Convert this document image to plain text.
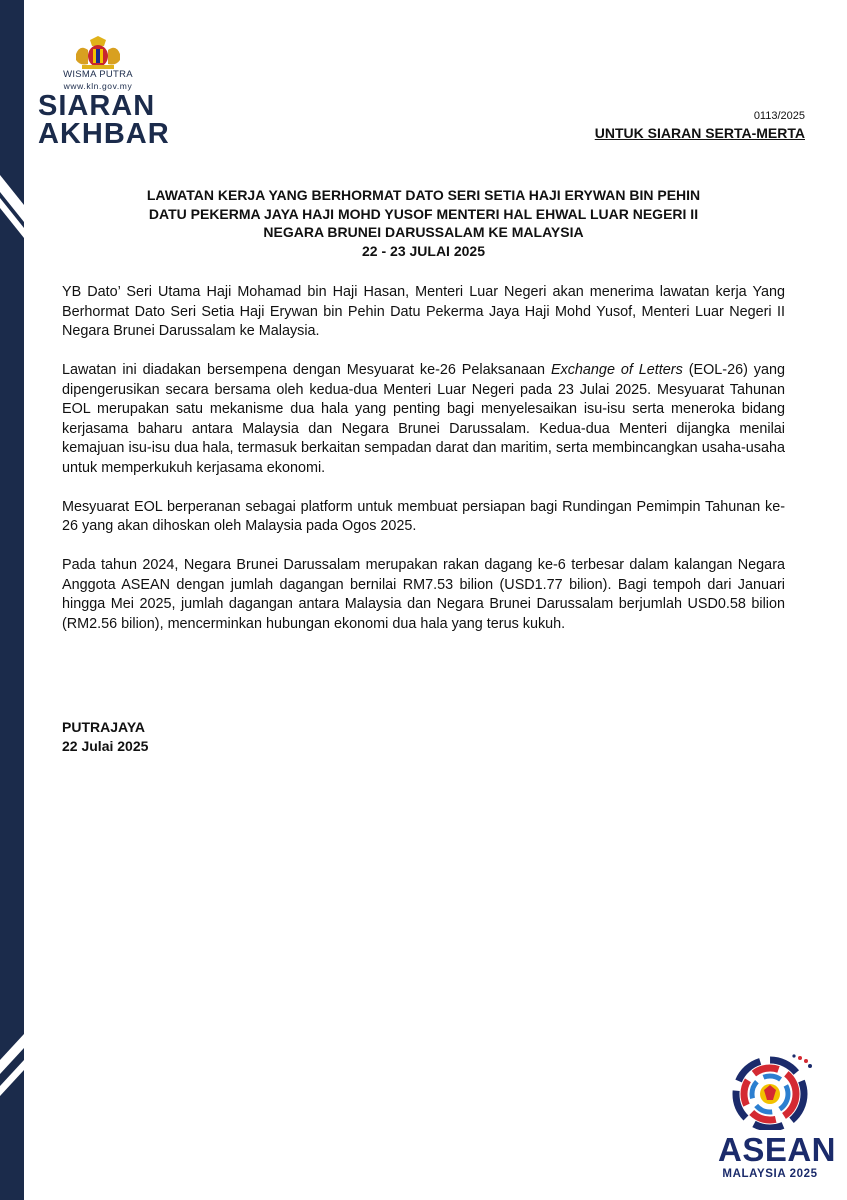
WISMA PUTRA
www.kln.gov.my
SIARAN
AKHBAR
0113/2025
UNTUK SIARAN SERTA-MERTA
LAWATAN KERJA YANG BERHORMAT DATO SERI SETIA HAJI ERYWAN BIN PEHIN
DATU PEKERMA JAYA HAJI MOHD YUSOF MENTERI HAL EHWAL LUAR NEGERI II
NEGARA BRUNEI DARUSSALAM KE MALAYSIA
22 - 23 JULAI 2025

YB Dato’ Seri Utama Haji Mohamad bin Haji Hasan, Menteri Luar Negeri akan menerima lawatan kerja Yang Berhormat Dato Seri Setia Haji Erywan bin Pehin Datu Pekerma Jaya Haji Mohd Yusof, Menteri Luar Negeri II Negara Brunei Darussalam ke Malaysia.

Lawatan ini diadakan bersempena dengan Mesyuarat ke-26 Pelaksanaan Exchange of Letters (EOL-26) yang dipengerusikan secara bersama oleh kedua-dua Menteri Luar Negeri pada 23 Julai 2025. Mesyuarat Tahunan EOL merupakan satu mekanisme dua hala yang penting bagi menyelesaikan isu-isu serta meneroka bidang kerjasama baharu antara Malaysia dan Negara Brunei Darussalam. Kedua-dua Menteri dijangka menilai kemajuan isu-isu dua hala, termasuk berkaitan sempadan darat dan maritim, serta membincangkan usaha-usaha untuk memperkukuh kerjasama ekonomi.

Mesyuarat EOL berperanan sebagai platform untuk membuat persiapan bagi Rundingan Pemimpin Tahunan ke-26 yang akan dihoskan oleh Malaysia pada Ogos 2025.

Pada tahun 2024, Negara Brunei Darussalam merupakan rakan dagang ke-6 terbesar dalam kalangan Negara Anggota ASEAN dengan jumlah dagangan bernilai RM7.53 bilion (USD1.77 bilion). Bagi tempoh dari Januari hingga Mei 2025, jumlah dagangan antara Malaysia dan Negara Brunei Darussalam berjumlah USD0.58 bilion (RM2.56 bilion), mencerminkan hubungan ekonomi dua hala yang terus kukuh.

PUTRAJAYA
22 Julai 2025
ASEAN
MALAYSIA 2025
